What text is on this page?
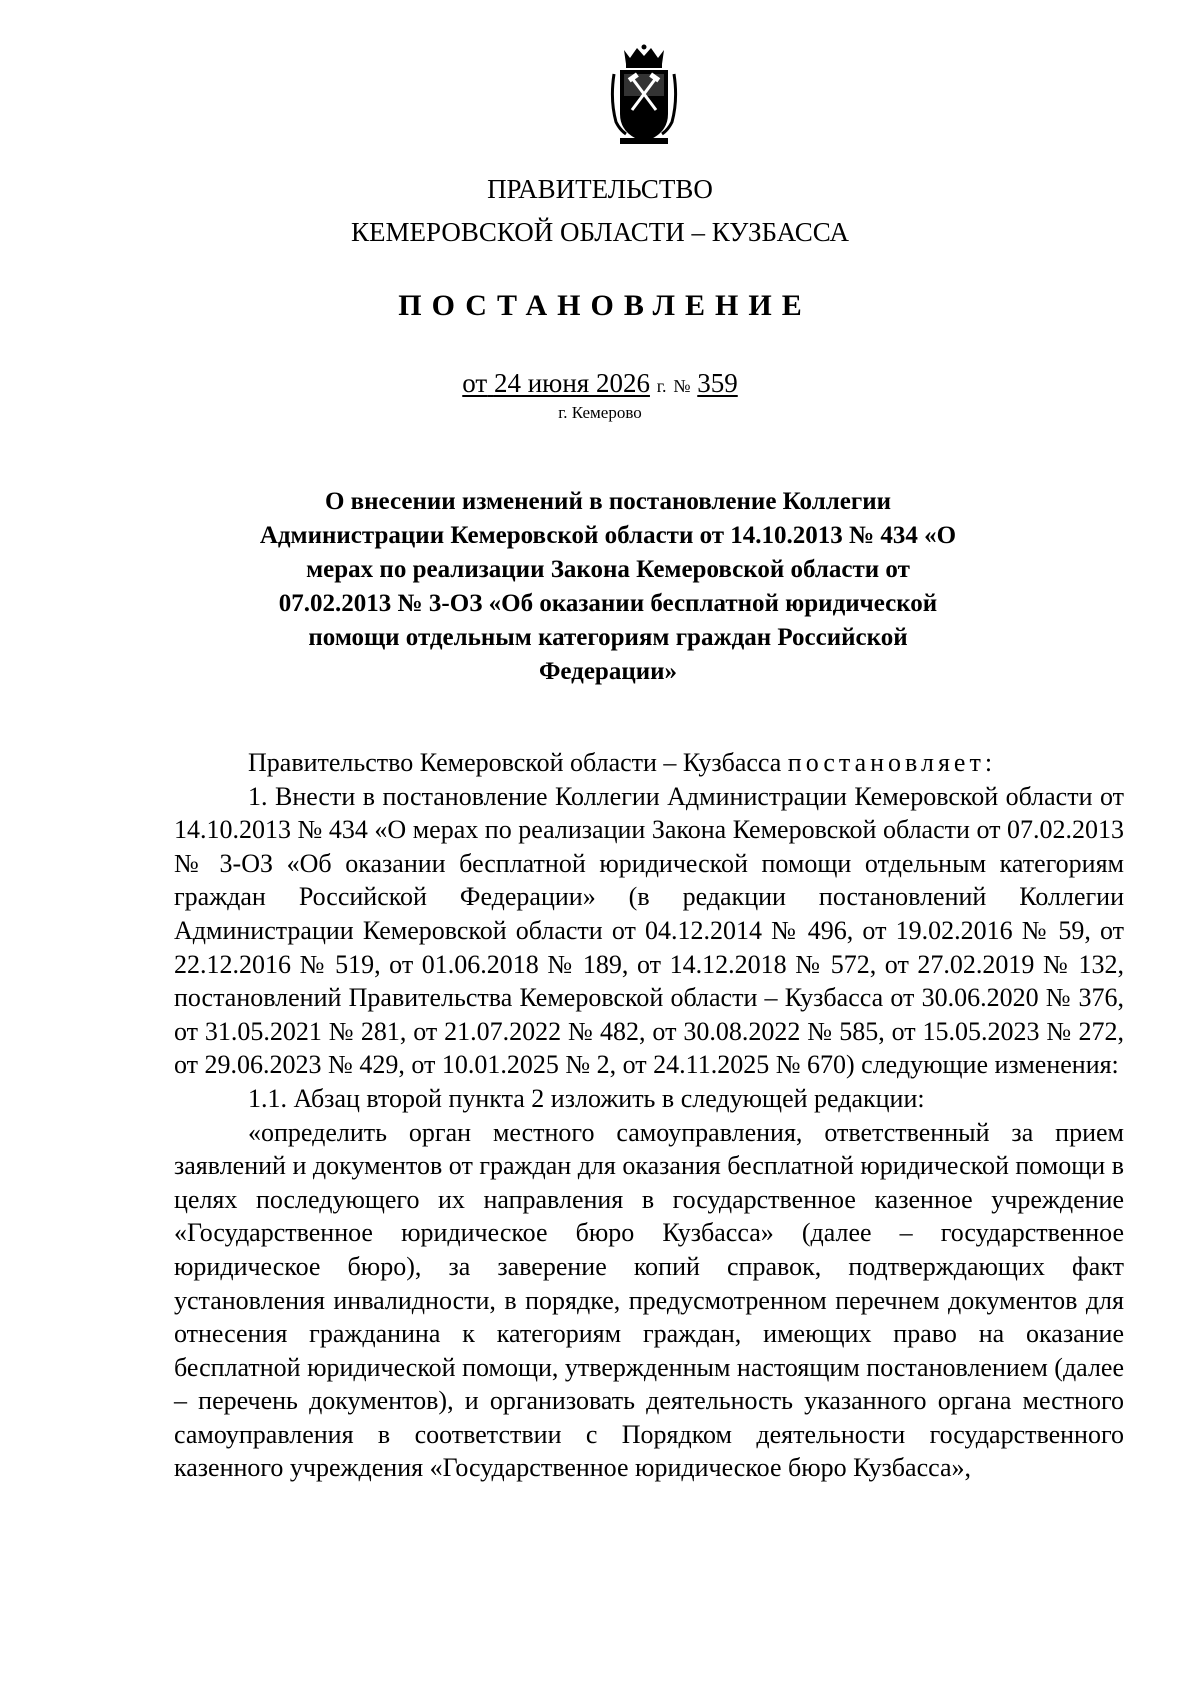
ПРАВИТЕЛЬСТВО
КЕМЕРОВСКОЙ ОБЛАСТИ – КУЗБАССА
ПОСТАНОВЛЕНИЕ
от 24 июня 2026 г. № 359
г. Кемерово
О внесении изменений в постановление Коллегии Администрации Кемеровской области от 14.10.2013 № 434 «О мерах по реализации Закона Кемеровской области от 07.02.2013 № 3-ОЗ «Об оказании бесплатной юридической помощи отдельным категориям граждан Российской Федерации»

Правительство Кемеровской области – Кузбасса постановляет:

1. Внести в постановление Коллегии Администрации Кемеровской области от 14.10.2013 № 434 «О мерах по реализации Закона Кемеровской области от 07.02.2013 № 3-ОЗ «Об оказании бесплатной юридической помощи отдельным категориям граждан Российской Федерации» (в редакции постановлений Коллегии Администрации Кемеровской области от 04.12.2014 № 496, от 19.02.2016 № 59, от 22.12.2016 № 519, от 01.06.2018 № 189, от 14.12.2018 № 572, от 27.02.2019 № 132, постановлений Правительства Кемеровской области – Кузбасса от 30.06.2020 № 376, от 31.05.2021 № 281, от 21.07.2022 № 482, от 30.08.2022 № 585, от 15.05.2023 № 272, от 29.06.2023 № 429, от 10.01.2025 № 2, от 24.11.2025 № 670) следующие изменения:

1.1. Абзац второй пункта 2 изложить в следующей редакции:

«определить орган местного самоуправления, ответственный за прием заявлений и документов от граждан для оказания бесплатной юридической помощи в целях последующего их направления в государственное казенное учреждение «Государственное юридическое бюро Кузбасса» (далее – государственное юридическое бюро), за заверение копий справок, подтверждающих факт установления инвалидности, в порядке, предусмотренном перечнем документов для отнесения гражданина к категориям граждан, имеющих право на оказание бесплатной юридической помощи, утвержденным настоящим постановлением (далее – перечень документов), и организовать деятельность указанного органа местного самоуправления в соответствии с Порядком деятельности государственного казенного учреждения «Государственное юридическое бюро Кузбасса»,
